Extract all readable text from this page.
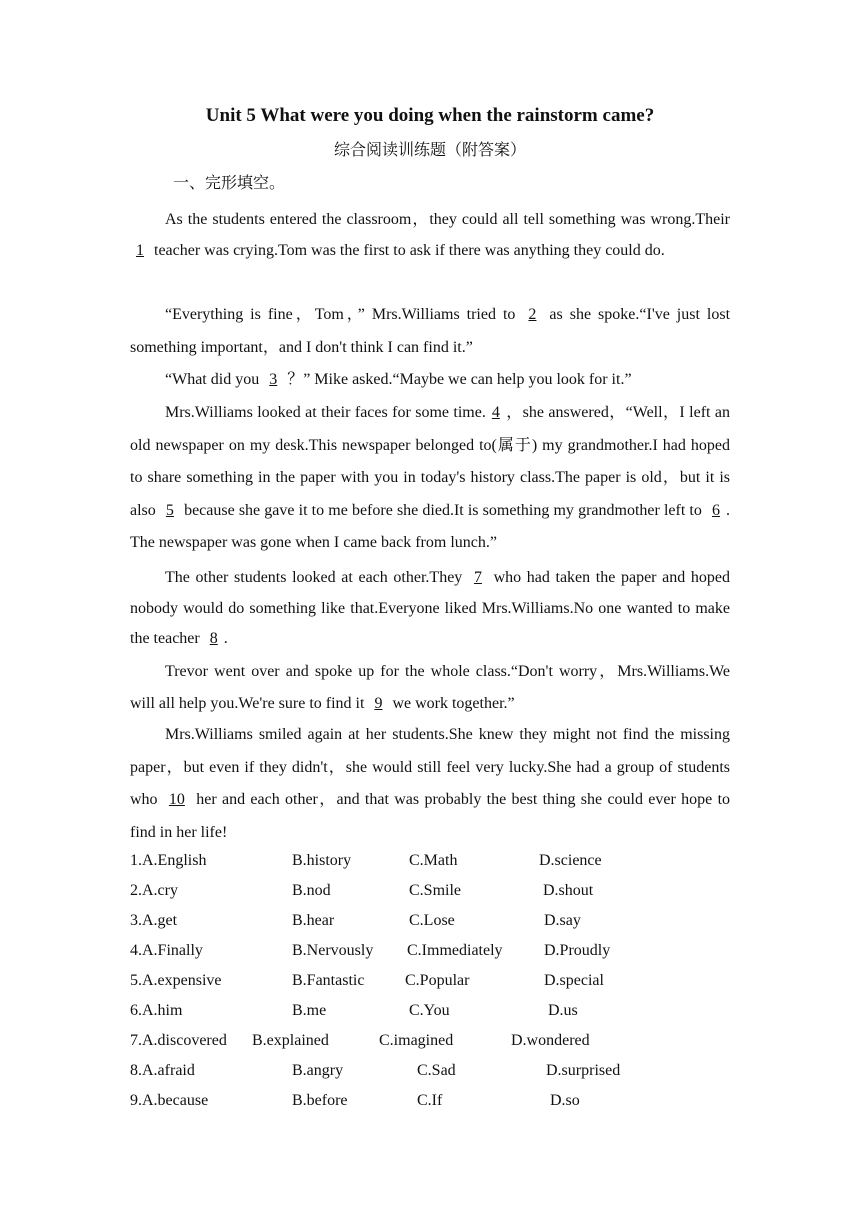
Unit 5 What were you doing when the rainstorm came?
综合阅读训练题（附答案）
一、完形填空。
As the students entered the classroom，they could all tell something was wrong.Their 1 teacher was crying.Tom was the first to ask if there was anything they could do.
“Everything is fine，Tom，” Mrs.Williams tried to 2 as she spoke.“I've just lost something important，and I don't think I can find it.”
“What did you 3 ？” Mike asked.“Maybe we can help you look for it.”
Mrs.Williams looked at their faces for some time. 4 ，she answered，“Well，I left an old newspaper on my desk.This newspaper belonged to(属于) my grandmother.I had hoped to share something in the paper with you in today's history class.The paper is old，but it is also 5 because she gave it to me before she died.It is something my grandmother left to 6 . The newspaper was gone when I came back from lunch.”
The other students looked at each other.They 7 who had taken the paper and hoped nobody would do something like that.Everyone liked Mrs.Williams.No one wanted to make the teacher 8 .
Trevor went over and spoke up for the whole class.“Don't worry，Mrs.Williams.We will all help you.We're sure to find it 9 we work together.”
Mrs.Williams smiled again at her students.She knew they might not find the missing paper，but even if they didn't，she would still feel very lucky.She had a group of students who 10 her and each other，and that was probably the best thing she could ever hope to find in her life!
1.A.English	B.history	C.Math	D.science
2.A.cry	B.nod	C.Smile	D.shout
3.A.get	B.hear	C.Lose	D.say
4.A.Finally	B.Nervously C.Immediately	D.Proudly
5.A.expensive	B.Fantastic	C.Popular	D.special
6.A.him	B.me	C.You	D.us
7.A.discovered B.explained	C.imagined	D.wondered
8.A.afraid	B.angry	C.Sad	D.surprised
9.A.because	B.before	C.If	D.so
